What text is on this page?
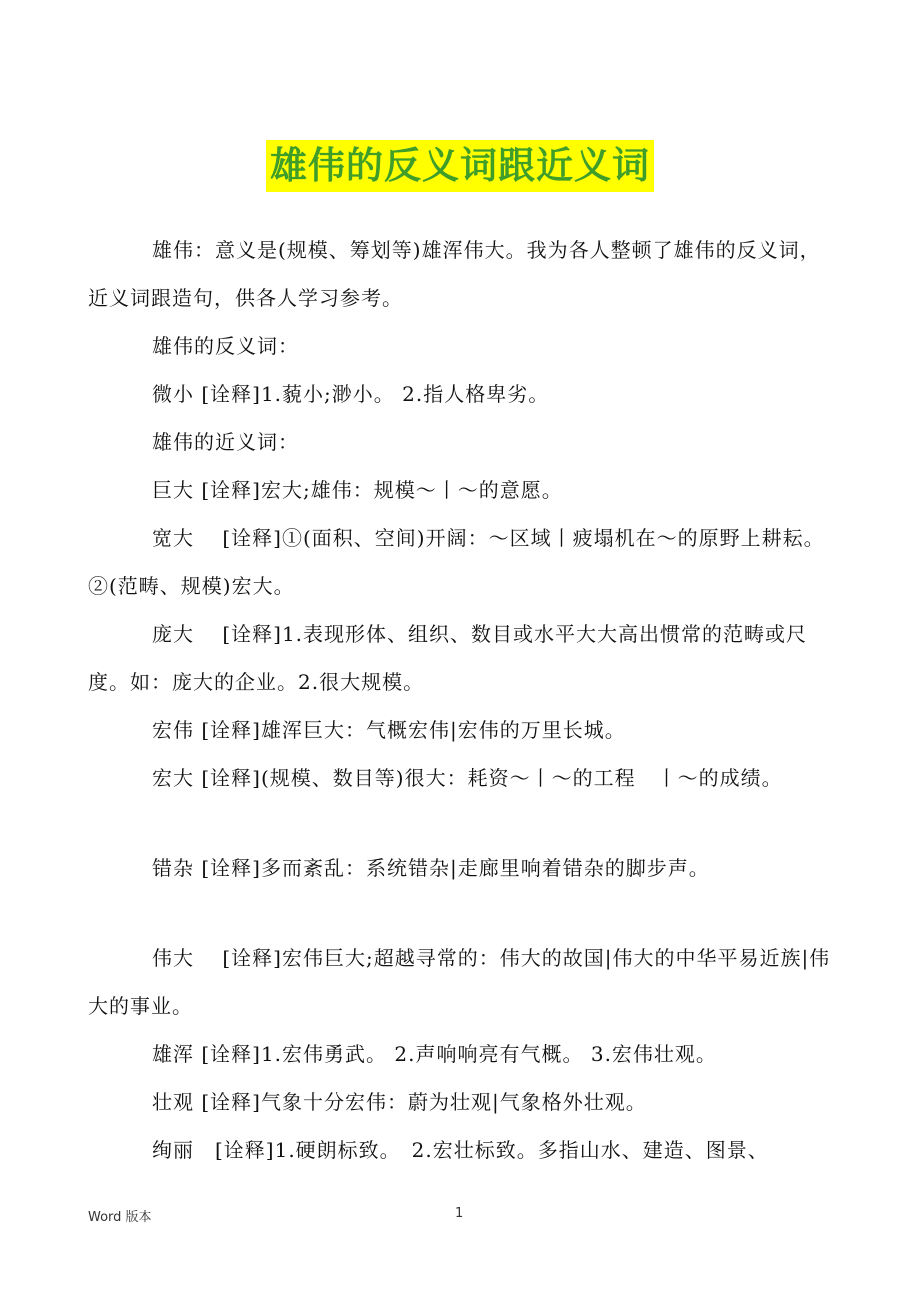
雄伟的反义词跟近义词

雄伟：意义是(规模、筹划等)雄浑伟大。我为各人整顿了雄伟的反义词，近义词跟造句，供各人学习参考。

雄伟的反义词：

微小 [诠释]1.藐小;渺小。 2.指人格卑劣。

雄伟的近义词：

巨大 [诠释]宏大;雄伟：规模～丨～的意愿。

宽大　 [诠释]①(面积、空间)开阔：～区域丨疲塌机在～的原野上耕耘。 ②(范畴、规模)宏大。

庞大　 [诠释]1.表现形体、组织、数目或水平大大高出惯常的范畴或尺度。如：庞大的企业。2.很大规模。

宏伟 [诠释]雄浑巨大：气概宏伟|宏伟的万里长城。

宏大 [诠释](规模、数目等)很大：耗资～丨～的工程　丨～的成绩。

错杂 [诠释]多而紊乱：系统错杂|走廊里响着错杂的脚步声。

伟大　 [诠释]宏伟巨大;超越寻常的：伟大的故国|伟大的中华平易近族|伟大的事业。

雄浑 [诠释]1.宏伟勇武。 2.声响响亮有气概。 3.宏伟壮观。

壮观 [诠释]气象十分宏伟：蔚为壮观|气象格外壮观。

绚丽　[诠释]1.硬朗标致。　2.宏壮标致。多指山水、建造、图景、

Word 版本	1
